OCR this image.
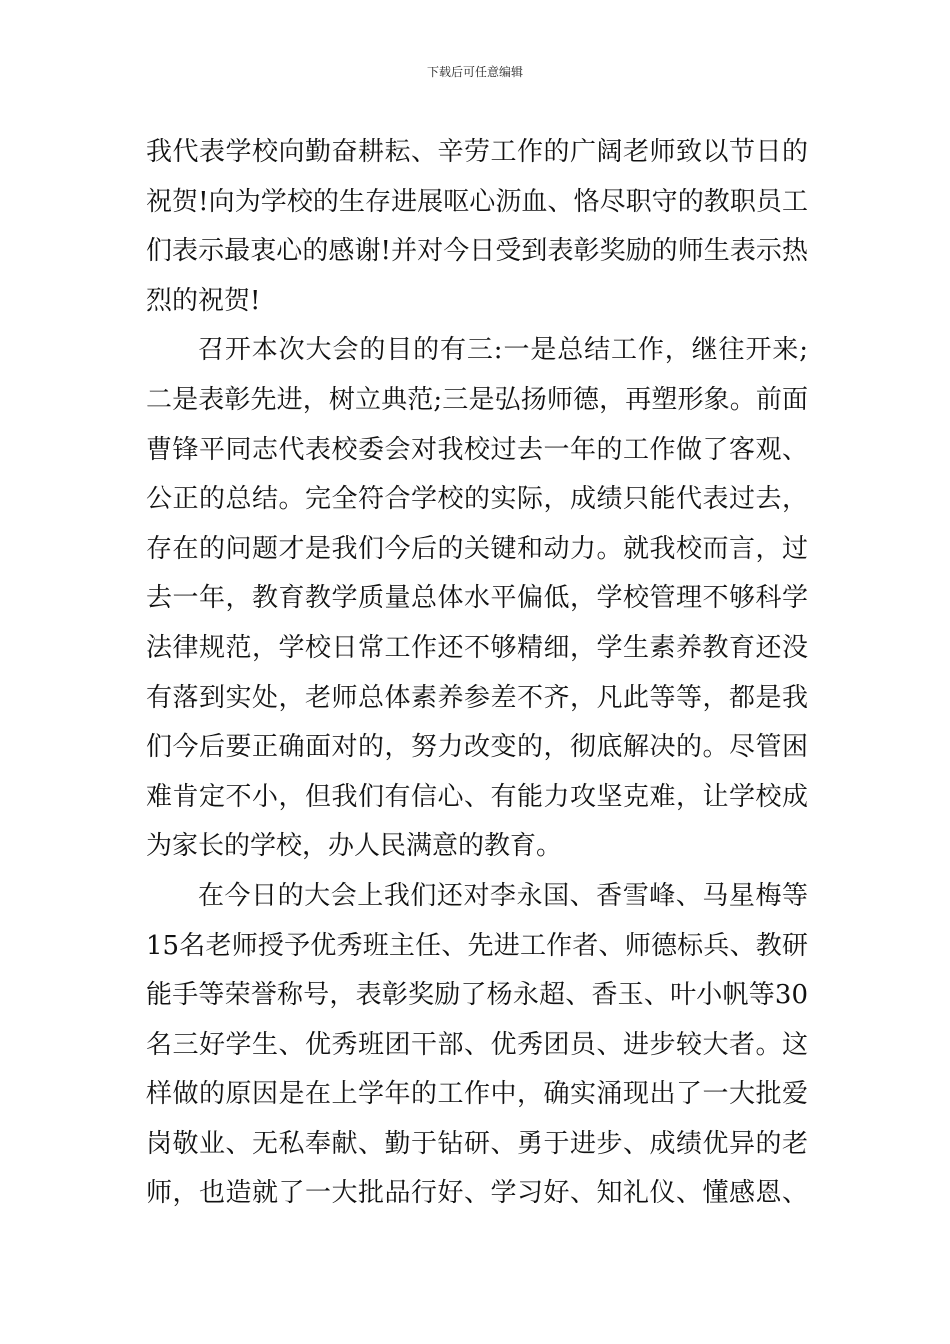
下载后可任意编辑
我代表学校向勤奋耕耘、辛劳工作的广阔老师致以节日的
祝贺!向为学校的生存进展呕心沥血、恪尽职守的教职员工
们表示最衷心的感谢!并对今日受到表彰奖励的师生表示热
烈的祝贺!
召开本次大会的目的有三:一是总结工作，继往开来;
二是表彰先进，树立典范;三是弘扬师德，再塑形象。前面
曹锋平同志代表校委会对我校过去一年的工作做了客观、
公正的总结。完全符合学校的实际，成绩只能代表过去，
存在的问题才是我们今后的关键和动力。就我校而言，过
去一年，教育教学质量总体水平偏低，学校管理不够科学
法律规范，学校日常工作还不够精细，学生素养教育还没
有落到实处，老师总体素养参差不齐，凡此等等，都是我
们今后要正确面对的，努力改变的，彻底解决的。尽管困
难肯定不小，但我们有信心、有能力攻坚克难，让学校成
为家长的学校，办人民满意的教育。
在今日的大会上我们还对李永国、香雪峰、马星梅等
15名老师授予优秀班主任、先进工作者、师德标兵、教研
能手等荣誉称号，表彰奖励了杨永超、香玉、叶小帆等30
名三好学生、优秀班团干部、优秀团员、进步较大者。这
样做的原因是在上学年的工作中，确实涌现出了一大批爱
岗敬业、无私奉献、勤于钻研、勇于进步、成绩优异的老
师，也造就了一大批品行好、学习好、知礼仪、懂感恩、
